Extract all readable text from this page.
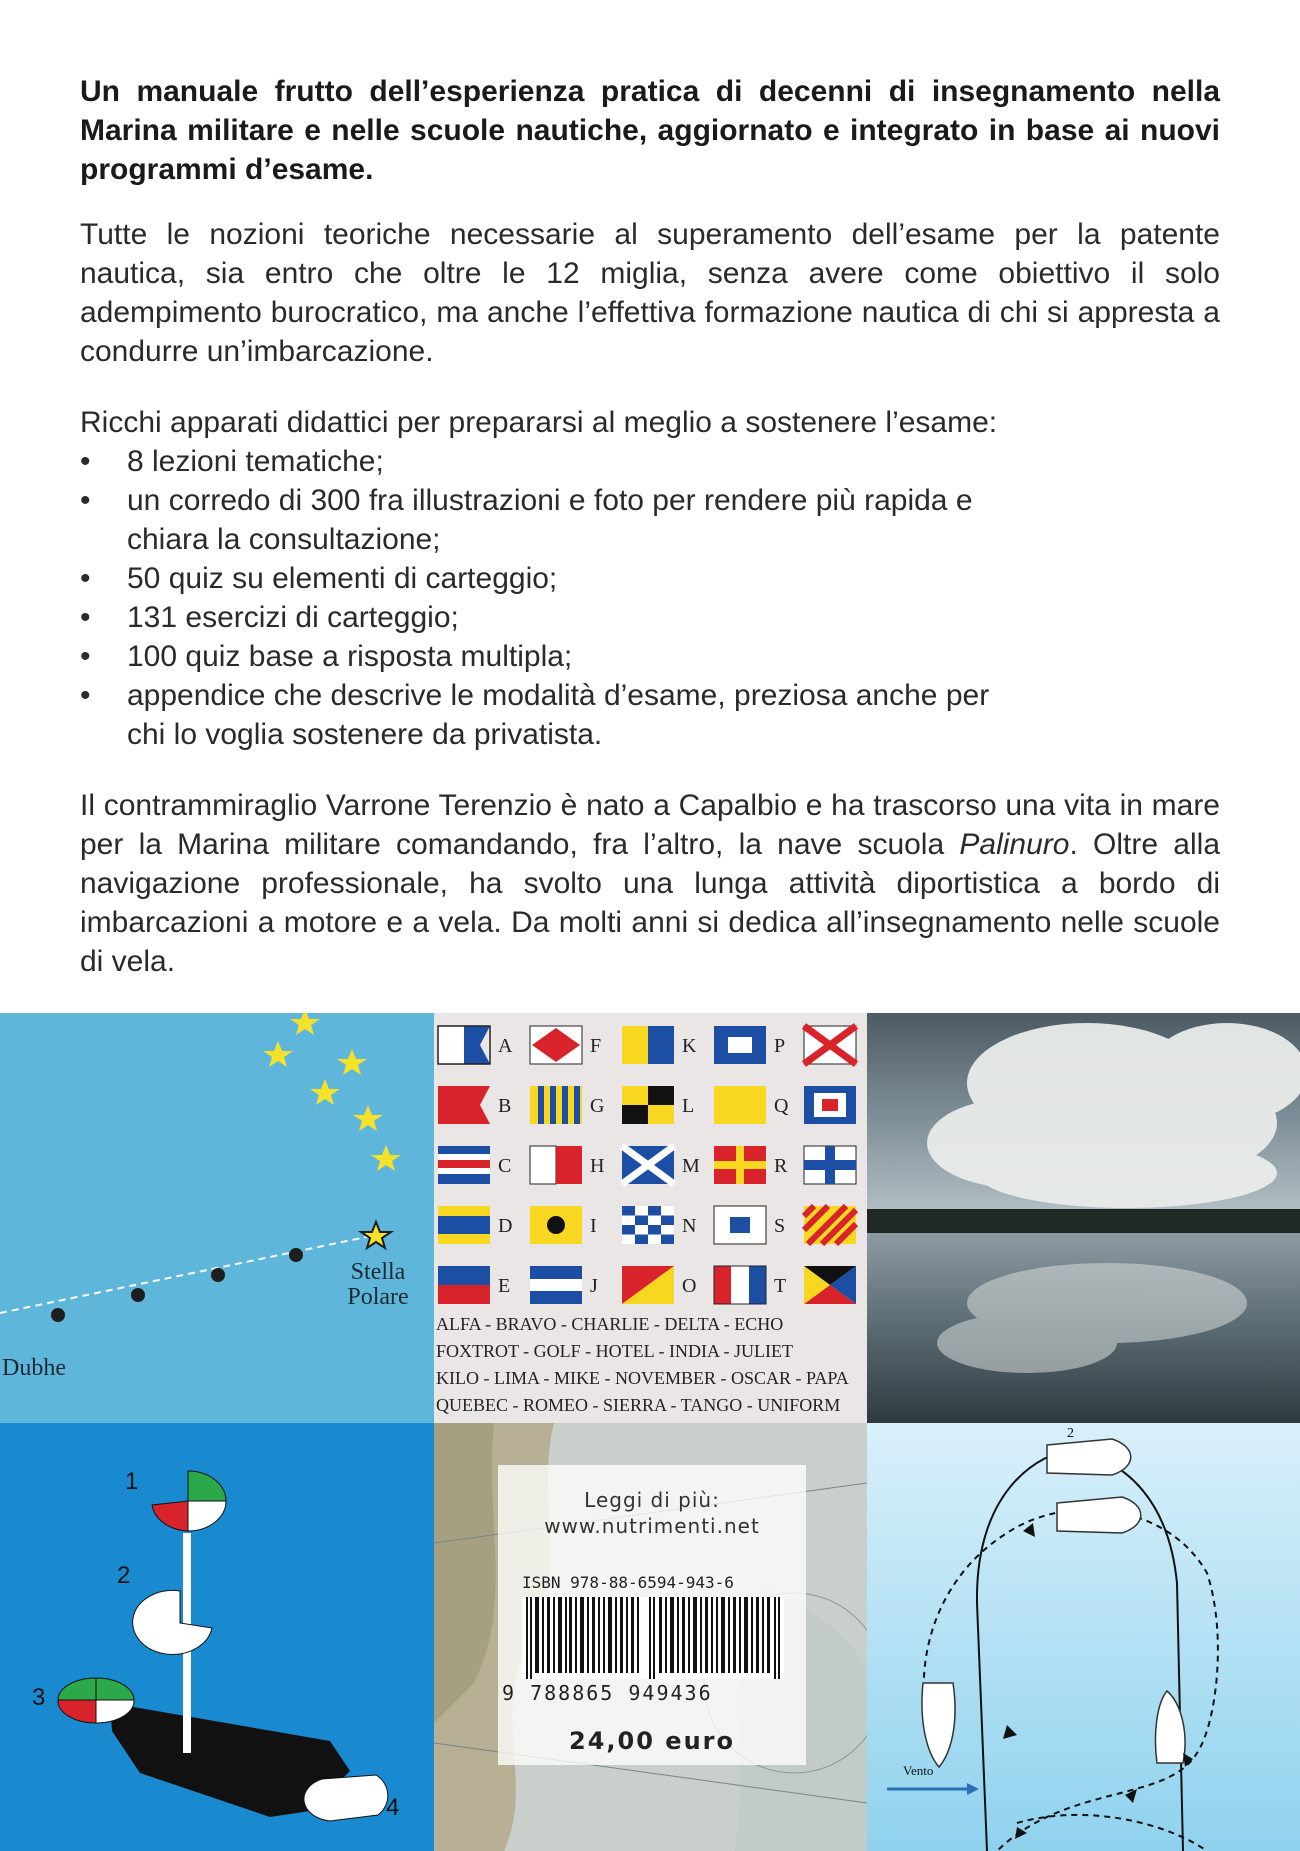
Un manuale frutto dell’esperienza pratica di decenni di insegnamento nella Marina militare e nelle scuole nautiche, aggiornato e integrato in base ai nuovi programmi d’esame.

Tutte le nozioni teoriche necessarie al superamento dell’esame per la patente nautica, sia entro che oltre le 12 miglia, senza avere come obiettivo il solo adempimento burocratico, ma anche l’effettiva formazione nautica di chi si appresta a condurre un’imbarcazione.

Ricchi apparati didattici per prepararsi al meglio a sostenere l’esame:

• 8 lezioni tematiche;
• un corredo di 300 fra illustrazioni e foto per rendere più rapida e chiara la consultazione;
• 50 quiz su elementi di carteggio;
• 131 esercizi di carteggio;
• 100 quiz base a risposta multipla;
• appendice che descrive le modalità d’esame, preziosa anche per chi lo voglia sostenere da privatista.

Il contrammiraglio Varrone Terenzio è nato a Capalbio e ha trascorso una vita in mare per la Marina militare comandando, fra l’altro, la nave scuola Palinuro. Oltre alla navigazione professionale, ha svolto una lunga attività diportistica a bordo di imbarcazioni a motore e a vela. Da molti anni si dedica all’insegnamento nelle scuole di vela.

Stella
Polare
Dubhe
A
B
C
D
E
F
G
H
I
J
K
L
M
N
O
P
Q
R
S
T
ALFA - BRAVO - CHARLIE - DELTA - ECHO
FOXTROT - GOLF - HOTEL - INDIA - JULIET
KILO - LIMA - MIKE - NOVEMBER - OSCAR - PAPA
QUEBEC - ROMEO - SIERRA - TANGO - UNIFORM
1
2
3
4
Leggi di più:
www.nutrimenti.net
ISBN 978-88-6594-943-6
9 788865 949436
24,00 euro
2
Vento
